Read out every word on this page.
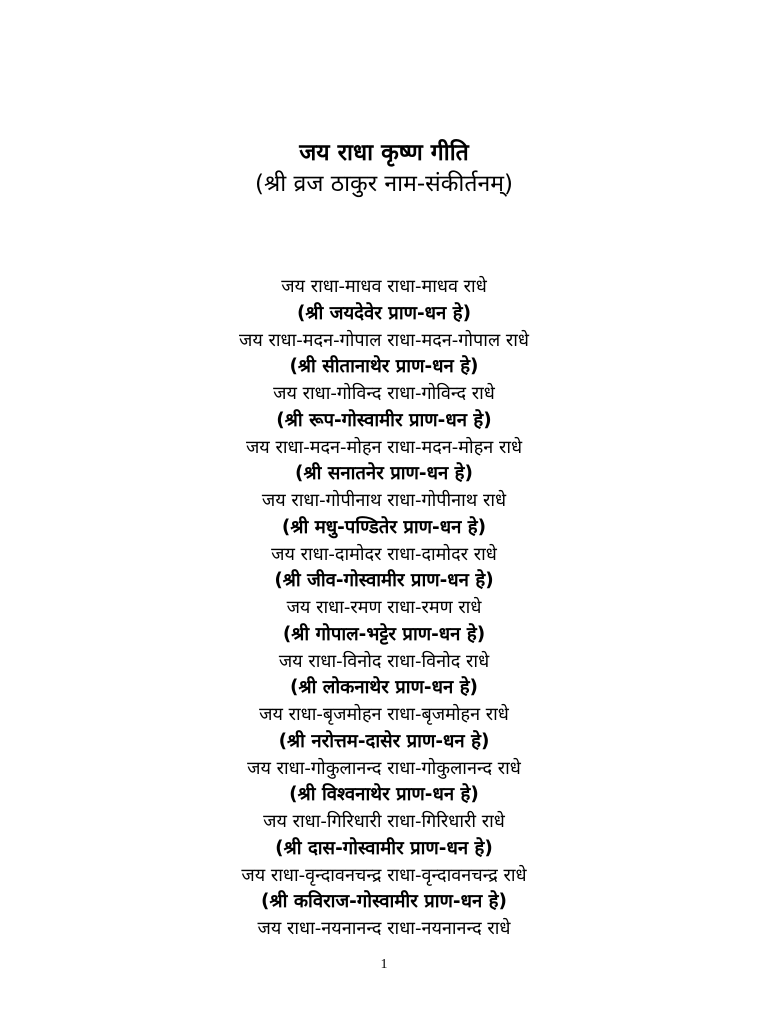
जय राधा कृष्ण गीति
(श्री व्रज ठाकुर नाम-संकीर्तनम्)
जय राधा-माधव राधा-माधव राधे
(श्री जयदेवेर प्राण-धन हे)
जय राधा-मदन-गोपाल राधा-मदन-गोपाल राधे
(श्री सीतानाथेर प्राण-धन हे)
जय राधा-गोविन्द राधा-गोविन्द राधे
(श्री रूप-गोस्वामीर प्राण-धन हे)
जय राधा-मदन-मोहन राधा-मदन-मोहन राधे
(श्री सनातनेर प्राण-धन हे)
जय राधा-गोपीनाथ राधा-गोपीनाथ राधे
(श्री मधु-पण्डितेर प्राण-धन हे)
जय राधा-दामोदर राधा-दामोदर राधे
(श्री जीव-गोस्वामीर प्राण-धन हे)
जय राधा-रमण राधा-रमण राधे
(श्री गोपाल-भट्टेर प्राण-धन हे)
जय राधा-विनोद राधा-विनोद राधे
(श्री लोकनाथेर प्राण-धन हे)
जय राधा-बृजमोहन राधा-बृजमोहन राधे
(श्री नरोत्तम-दासेर प्राण-धन हे)
जय राधा-गोकुलानन्द राधा-गोकुलानन्द राधे
(श्री विश्वनाथेर प्राण-धन हे)
जय राधा-गिरिधारी राधा-गिरिधारी राधे
(श्री दास-गोस्वामीर प्राण-धन हे)
जय राधा-वृन्दावनचन्द्र राधा-वृन्दावनचन्द्र राधे
(श्री कविराज-गोस्वामीर प्राण-धन हे)
जय राधा-नयनानन्द राधा-नयनानन्द राधे
1
